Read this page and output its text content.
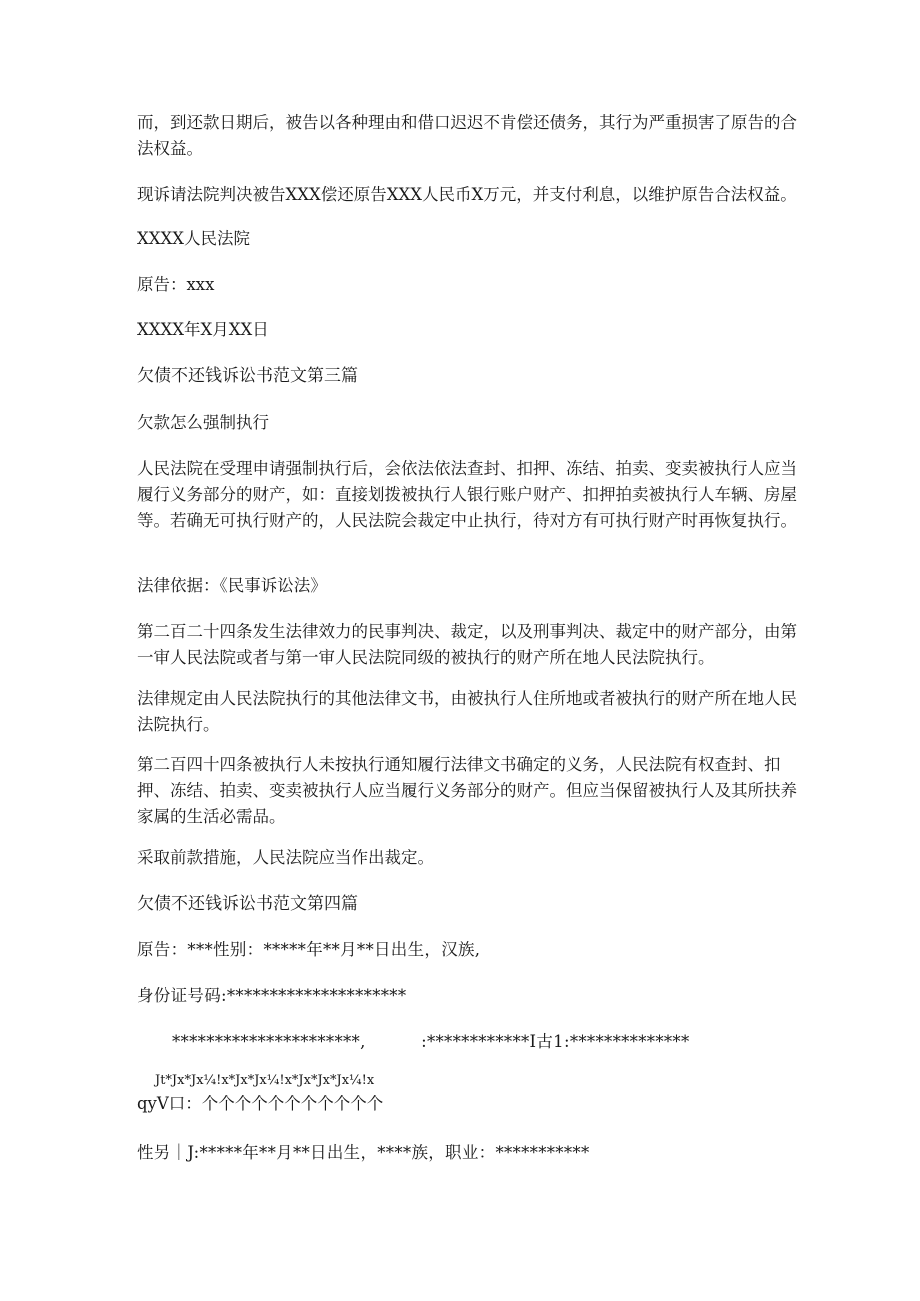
而，到还款日期后，被告以各种理由和借口迟迟不肯偿还债务，其行为严重损害了原告的合法权益。

现诉请法院判决被告XXX偿还原告XXX人民币X万元，并支付利息，以维护原告合法权益。

XXXX人民法院

原告：xxx

XXXX年X月XX日

欠债不还钱诉讼书范文第三篇

欠款怎么强制执行

人民法院在受理申请强制执行后，会依法依法查封、扣押、冻结、拍卖、变卖被执行人应当履行义务部分的财产，如：直接划拨被执行人银行账户财产、扣押拍卖被执行人车辆、房屋等。若确无可执行财产的，人民法院会裁定中止执行，待对方有可执行财产时再恢复执行。

法律依据：《民事诉讼法》

第二百二十四条发生法律效力的民事判决、裁定，以及刑事判决、裁定中的财产部分，由第一审人民法院或者与第一审人民法院同级的被执行的财产所在地人民法院执行。

法律规定由人民法院执行的其他法律文书，由被执行人住所地或者被执行的财产所在地人民法院执行。

第二百四十四条被执行人未按执行通知履行法律文书确定的义务，人民法院有权查封、扣押、冻结、拍卖、变卖被执行人应当履行义务部分的财产。但应当保留被执行人及其所扶养家属的生活必需品。

采取前款措施，人民法院应当作出裁定。

欠债不还钱诉讼书范文第四篇

原告：***性别：*****年**月**日出生，汉族,

身份证号码:*********************

**********************,          :************I古1:**************

Jt*Jx*Jx¼!x*Jx*Jx¼!x*Jx*Jx*Jx¼!x

qyV口：个个个个个个个个个个个

性另｜J:*****年**月**日出生，****族，职业：***********
